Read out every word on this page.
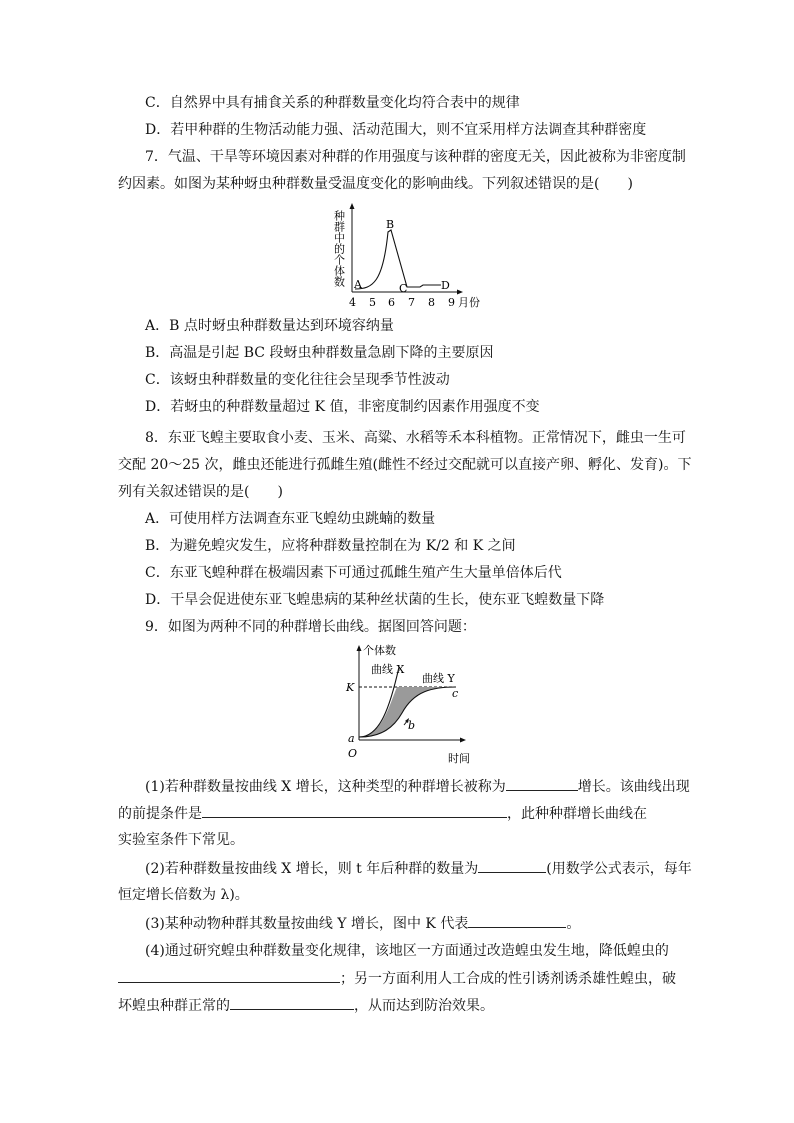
C．自然界中具有捕食关系的种群数量变化均符合表中的规律
D．若甲种群的生物活动能力强、活动范围大，则不宜采用样方法调查其种群密度
7．气温、干旱等环境因素对种群的作用强度与该种群的密度无关，因此被称为非密度制
约因素。如图为某种蚜虫种群数量受温度变化的影响曲线。下列叙述错误的是(　　)
种群中的个体数
4 5 6 7 8 9 月份
A
B
C	D
A．B 点时蚜虫种群数量达到环境容纳量
B．高温是引起 BC 段蚜虫种群数量急剧下降的主要原因
C．该蚜虫种群数量的变化往往会呈现季节性波动
D．若蚜虫的种群数量超过 K 值，非密度制约因素作用强度不变
8．东亚飞蝗主要取食小麦、玉米、高粱、水稻等禾本科植物。正常情况下，雌虫一生可
交配 20～25 次，雌虫还能进行孤雌生殖(雌性不经过交配就可以直接产卵、孵化、发育)。下
列有关叙述错误的是(　　)
A．可使用样方法调查东亚飞蝗幼虫跳蝻的数量
B．为避免蝗灾发生，应将种群数量控制在为 K/2 和 K 之间
C．东亚飞蝗种群在极端因素下可通过孤雌生殖产生大量单倍体后代
D．干旱会促进使东亚飞蝗患病的某种丝状菌的生长，使东亚飞蝗数量下降
9．如图为两种不同的种群增长曲线。据图回答问题：
个体数
时间
O
K
a
b
c
曲线 X
曲线 Y
(1)若种群数量按曲线 X 增长，这种类型的种群增长被称为	增长。该曲线出现
的前提条件是	，此种种群增长曲线在
实验室条件下常见。
(2)若种群数量按曲线 X 增长，则 t 年后种群的数量为	(用数学公式表示，每年
恒定增长倍数为 λ)。
(3)某种动物种群其数量按曲线 Y 增长，图中 K 代表	。
(4)通过研究蝗虫种群数量变化规律，该地区一方面通过改造蝗虫发生地，降低蝗虫的
；另一方面利用人工合成的性引诱剂诱杀雄性蝗虫，破
坏蝗虫种群正常的	，从而达到防治效果。
